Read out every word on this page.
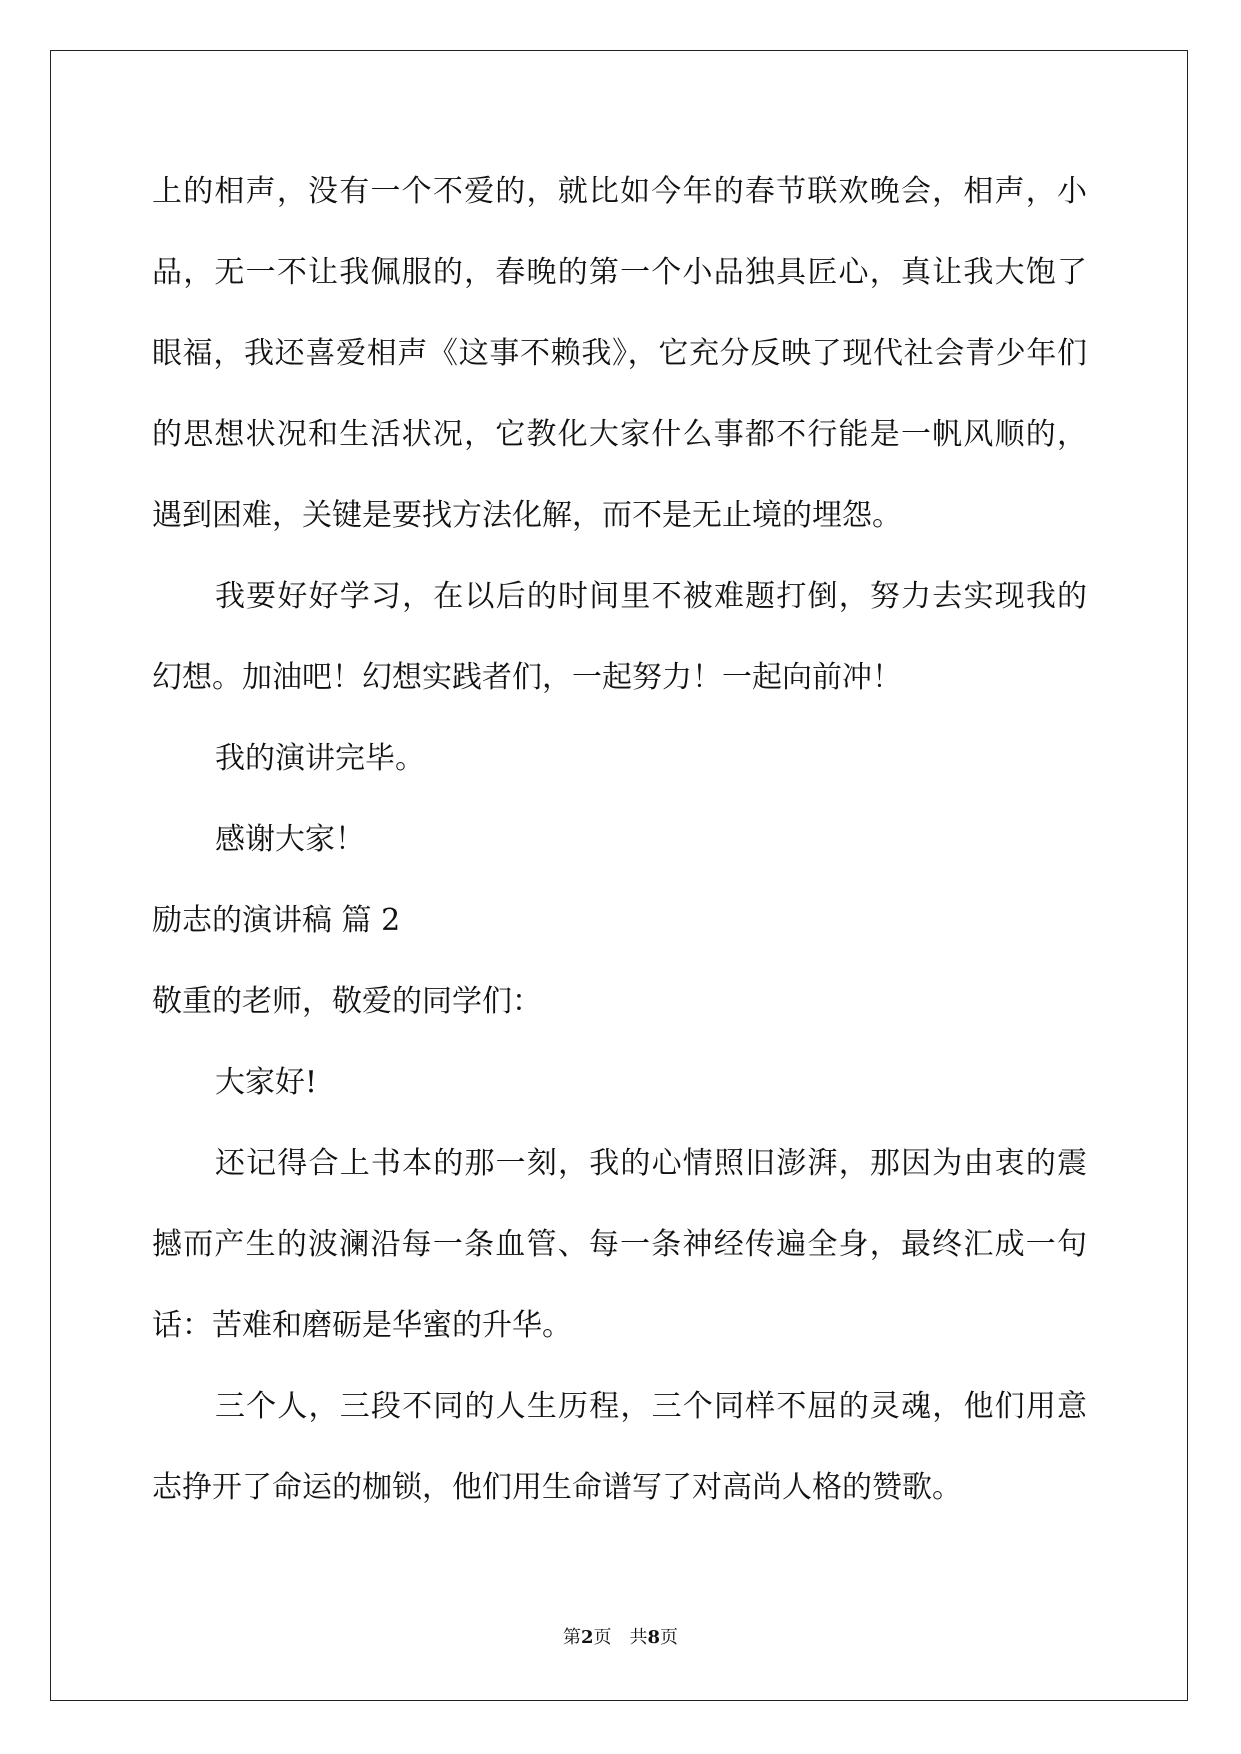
上的相声，没有一个不爱的，就比如今年的春节联欢晚会，相声，小
品，无一不让我佩服的，春晚的第一个小品独具匠心，真让我大饱了
眼福，我还喜爱相声《这事不赖我》，它充分反映了现代社会青少年们
的思想状况和生活状况，它教化大家什么事都不行能是一帆风顺的，
遇到困难，关键是要找方法化解，而不是无止境的埋怨。
我要好好学习，在以后的时间里不被难题打倒，努力去实现我的
幻想。加油吧！幻想实践者们，一起努力！一起向前冲！
我的演讲完毕。
感谢大家！
励志的演讲稿 篇 2
敬重的老师，敬爱的同学们：
大家好!
还记得合上书本的那一刻，我的心情照旧澎湃，那因为由衷的震
撼而产生的波澜沿每一条血管、每一条神经传遍全身，最终汇成一句
话：苦难和磨砺是华蜜的升华。
三个人，三段不同的人生历程，三个同样不屈的灵魂，他们用意
志挣开了命运的枷锁，他们用生命谱写了对高尚人格的赞歌。
第2页　共8页
